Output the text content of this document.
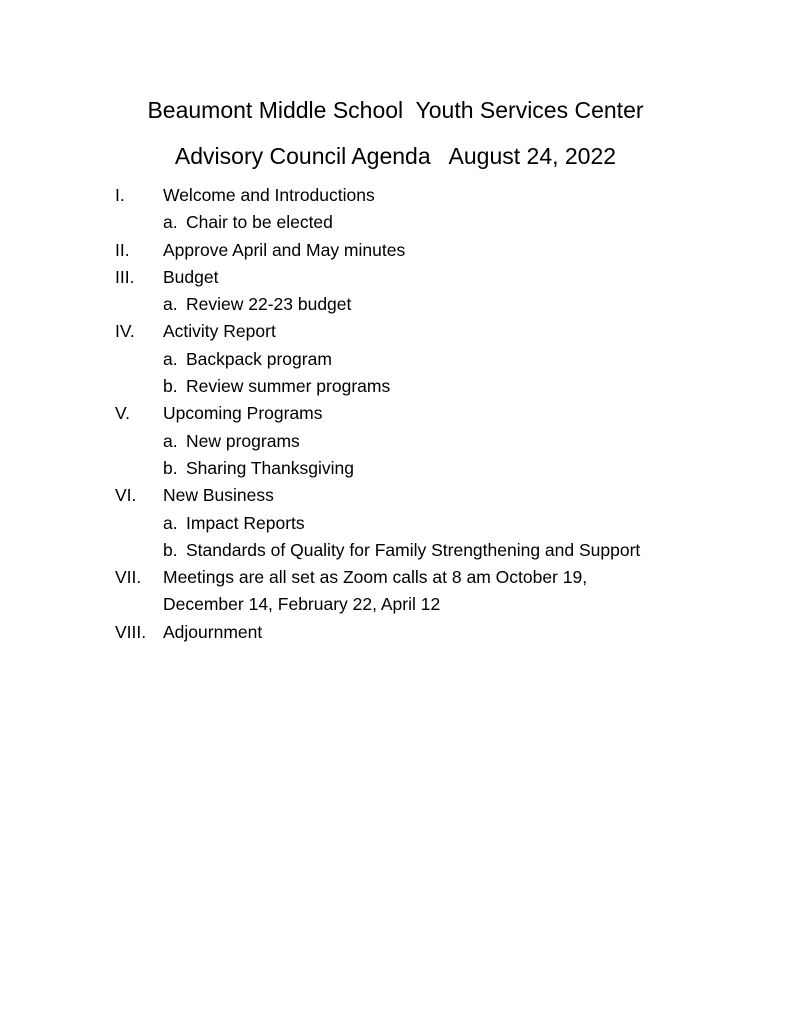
Beaumont Middle School  Youth Services Center
Advisory Council Agenda   August 24, 2022
I. Welcome and Introductions
a. Chair to be elected
II. Approve April and May minutes
III. Budget
a. Review 22-23 budget
IV. Activity Report
a. Backpack program
b. Review summer programs
V. Upcoming Programs
a. New programs
b. Sharing Thanksgiving
VI. New Business
a. Impact Reports
b. Standards of Quality for Family Strengthening and Support
VII. Meetings are all set as Zoom calls at 8 am October 19,
December 14, February 22, April 12
VIII. Adjournment
